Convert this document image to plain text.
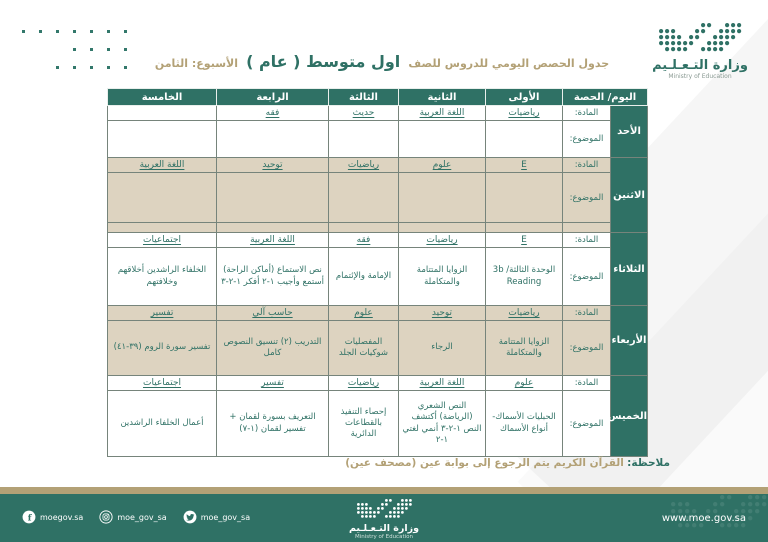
وزارة التـعـلـيم
Ministry of Education
جدول الحصص اليومي للدروس للصف اول متوسط ( عام ) الأسبوع: الثامن
اليوم/ الحصة		الأولى	الثانية	الثالثة	الرابعة	الخامسة
الأحد	المادة:	رياضيات	اللغة العربية	حديث	فقه	
	الموضوع:					
الاثنين	المادة:	E	علوم	رياضيات	توحيد	اللغة العربية
	الموضوع:					

الثلاثاء	المادة:	E	رياضيات	فقه	اللغة العربية	اجتماعيات
	الموضوع:	الوحدة الثالثة/ 3b Reading	الزوايا المتتامة والمتكاملة	الإمامة والإئتمام	نص الاستماع (أماكن الراحة) أستمع وأجيب ١-٢ أفكر ١-٢-٣	الخلفاء الراشدين أخلاقهم وخلافتهم
الأربعاء	المادة:	رياضيات	توحيد	علوم	حاسب آلي	تفسير
	الموضوع:	الزوايا المتتامة والمتكاملة	الرجاء	المفصليات شوكيات الجلد	التدريب (٢) تنسيق النصوص كامل	تفسير سورة الروم (٣٩-٤١)
الخميس	المادة:	علوم	اللغة العربية	رياضيات	تفسير	اجتماعيات
	الموضوع:	الحبليات الأسماك-أنواع الأسماك	النص الشعري (الرياضة) أكتشف النص ١-٢-٣ أنمي لغتي ١-٢	إحصاء التنفيذ بالقطاعات الدائرية	التعريف بسورة لقمان + تفسير لقمان (١-٧)	أعمال الخلفاء الراشدين
ملاحظة: القرآن الكريم يتم الرجوع إلى بوابة عين (مصحف عين)
f moegov.sa	moe_gov_sa	moe_gov_sa
وزارة التـعـلـيم
Ministry of Education
www.moe.gov.sa
